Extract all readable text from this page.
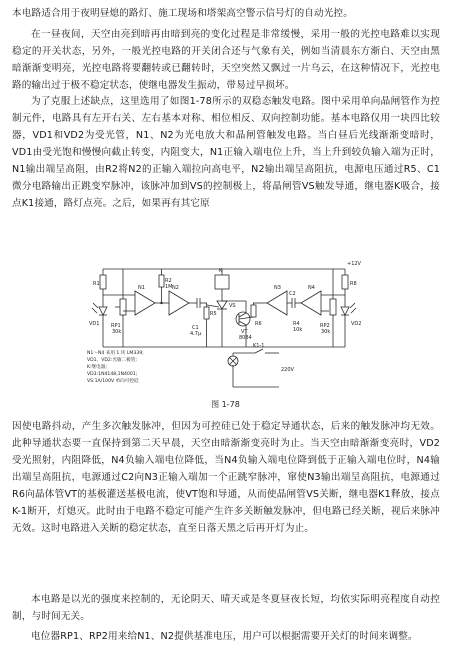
本电路适合用于夜明昼熄的路灯、施工现场和塔架高空警示信号灯的自动光控。

在一昼夜间，天空由亮到暗再由暗到亮的变化过程是非常缓慢，采用一般的光控电路难以实现稳定的开关状态，另外，一般光控电路的开关闭合还与气象有关，例如当清晨东方渐白、天空由黑暗渐渐变明亮，光控电路将要翻转或已翻转时，天空突然又飘过一片乌云，在这种情况下，光控电路的输出过于极不稳定状态，使继电器发生振动，带易过早损坏。

为了克服上述缺点，这里选用了如图1-78所示的双稳态触发电路。图中采用单向晶闸管作为控制元件，电路具有左开右关、左右基本对称、相位相反、双向控制功能。基本电路仅用一块四比较器，VD1和VD2为受光管，N1、N2为光电放大和晶闸管触发电路。当白昼后光线渐渐变暗时，VD1由受光饱和慢慢向截止转变，内阻变大，N1正输入端电位上升，当上升到较负输入端为正时，N1输出端呈高阻，由R2将N2的正输入端拉向高电平，N2输出端呈高阻抗，电源电压通过R5、C1微分电路输出正跳变窄脉冲，该脉冲加到VS的控制极上，将晶闸管VS触发导通，继电器K吸合，接点K1接通，路灯点亮。之后，如果再有其它原

+12V
C1
4.7μ
VS
K
VT
8084
C2
R1
RP1
30k
VD1
N1	N2
R2
1M
R5
N3	N4
R6	RP2
30k
VD2
R8
R4
10k
K1-1
220V
N1～N4 来用 1 块 LM339;
VD1、VD2:光敏二极管;
K:继电器;
VD3:1N4148,1N4001;
VS:1A/100V 单向可控硅
图 1-78

因使电路抖动，产生多次触发脉冲，但因为可控硅已处于稳定导通状态，后来的触发脉冲均无效。此种导通状态要一直保持到第二天早晨，天空由暗渐渐变亮时为止。当天空由暗渐渐变亮时，VD2受光照射，内阻降低，N4负输入端电位降低，当N4负输入端电位降到低于正输入端电位时，N4输出端呈高阻抗，电源通过C2向N3正输入端加一个正跳窄脉冲，窜使N3输出端呈高阻抗，电源通过R6向晶体管VT的基极灌送基极电流，使VT饱和导通，从而使晶闸管VS关断，继电器K1释放，接点K-1断开，灯熄灭。此时由于电路不稳定可能产生许多关断触发脉冲，但电路已经关断，视后来脉冲无效。这时电路进入关断的稳定状态，直至日落天黑之后再开灯为止。

本电路是以光的强度来控制的，无论阴天、晴天或是冬夏昼夜长短，均依实际明亮程度自动控制，与时间无关。

电位器RP1、RP2用来给N1、N2提供基准电压，用户可以根据需要开关灯的时间来调整。
